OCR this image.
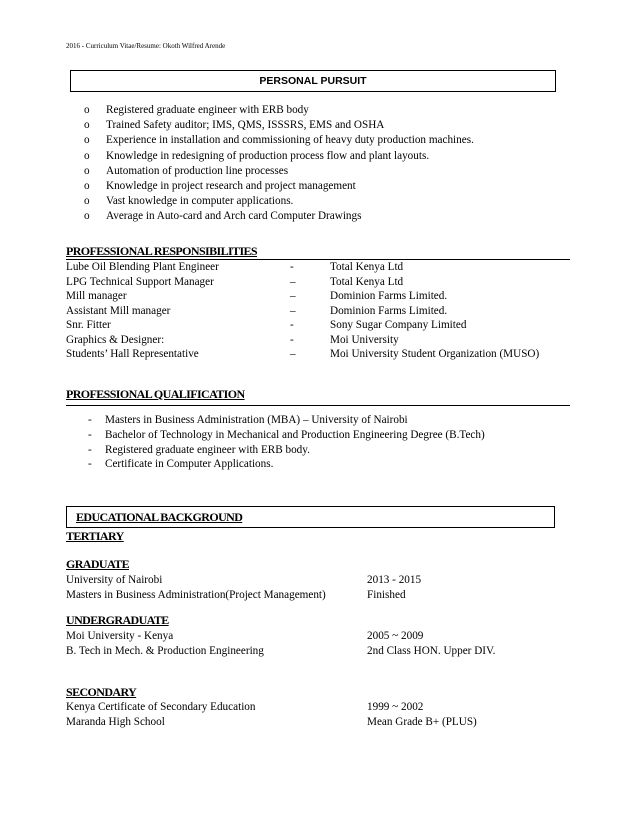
2016 - Curriculum Vitae/Resume: Okoth Wilfred Arende
PERSONAL PURSUIT
o Registered graduate engineer with ERB body
o Trained Safety auditor; IMS, QMS, ISSSRS, EMS and OSHA
o Experience in installation and commissioning of heavy duty production machines.
o Knowledge in redesigning of production process flow and plant layouts.
o Automation of production line processes
o Knowledge in project research and project management
o Vast knowledge in computer applications.
o Average in Auto-card and Arch card Computer Drawings
PROFESSIONAL RESPONSIBILITIES
Lube Oil Blending Plant Engineer	-	Total Kenya Ltd
LPG Technical Support Manager	–	Total Kenya Ltd
Mill manager	–	Dominion Farms Limited.
Assistant Mill manager	–	Dominion Farms Limited.
Snr. Fitter	-	Sony Sugar Company Limited
Graphics & Designer:	-	Moi University
Students’ Hall Representative	–	Moi University Student Organization (MUSO)
PROFESSIONAL QUALIFICATION
- Masters in Business Administration (MBA) – University of Nairobi
- Bachelor of Technology in Mechanical and Production Engineering Degree (B.Tech)
- Registered graduate engineer with ERB body.
- Certificate in Computer Applications.
EDUCATIONAL BACKGROUND
TERTIARY
GRADUATE
University of Nairobi	2013 - 2015
Masters in Business Administration(Project Management)	Finished
UNDERGRADUATE
Moi University - Kenya	2005 ~ 2009
B. Tech in Mech. & Production Engineering	2nd Class HON. Upper DIV.
SECONDARY
Kenya Certificate of Secondary Education	1999 ~ 2002
Maranda High School	Mean Grade B+ (PLUS)
